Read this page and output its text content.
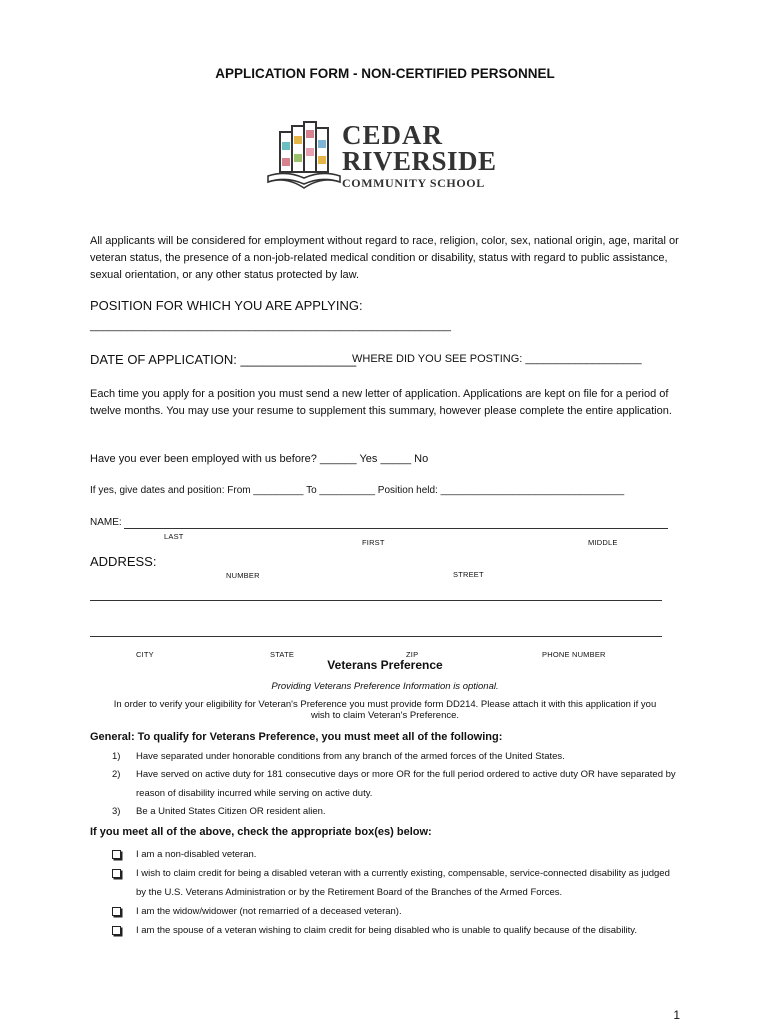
APPLICATION FORM - NON-CERTIFIED PERSONNEL
CEDAR
RIVERSIDE
COMMUNITY SCHOOL
All applicants will be considered for employment without regard to race, religion, color, sex, national origin, age, marital or veteran status, the presence of a non-job-related medical condition or disability, status with regard to public assistance, sexual orientation, or any other status protected by law.
POSITION FOR WHICH YOU ARE APPLYING:
___________________________________________________________
DATE OF APPLICATION: ________________
WHERE DID YOU SEE POSTING: ___________________
Each time you apply for a position you must send a new letter of application. Applications are kept on file for a period of twelve months. You may use your resume to supplement this summary, however please complete the entire application.
Have you ever been employed with us before? ______ Yes _____ No
If yes, give dates and position: From _________ To __________ Position held: _________________________________
NAME:
LAST
FIRST	MIDDLE
ADDRESS:
NUMBER	STREET
CITY	STATE	ZIP	PHONE NUMBER
Veterans Preference
Providing Veterans Preference Information is optional.
In order to verify your eligibility for Veteran's Preference you must provide form DD214. Please attach it with this application if you
wish to claim Veteran's Preference.
General: To qualify for Veterans Preference, you must meet all of the following:
1) Have separated under honorable conditions from any branch of the armed forces of the United States.
2) Have served on active duty for 181 consecutive days or more OR for the full period ordered to active duty OR have separated by reason of disability incurred while serving on active duty.
3) Be a United States Citizen OR resident alien.
If you meet all of the above, check the appropriate box(es) below:
I am a non-disabled veteran.
I wish to claim credit for being a disabled veteran with a currently existing, compensable, service-connected disability as judged by the U.S. Veterans Administration or by the Retirement Board of the Branches of the Armed Forces.
I am the widow/widower (not remarried of a deceased veteran).
I am the spouse of a veteran wishing to claim credit for being disabled who is unable to qualify because of the disability.
1
